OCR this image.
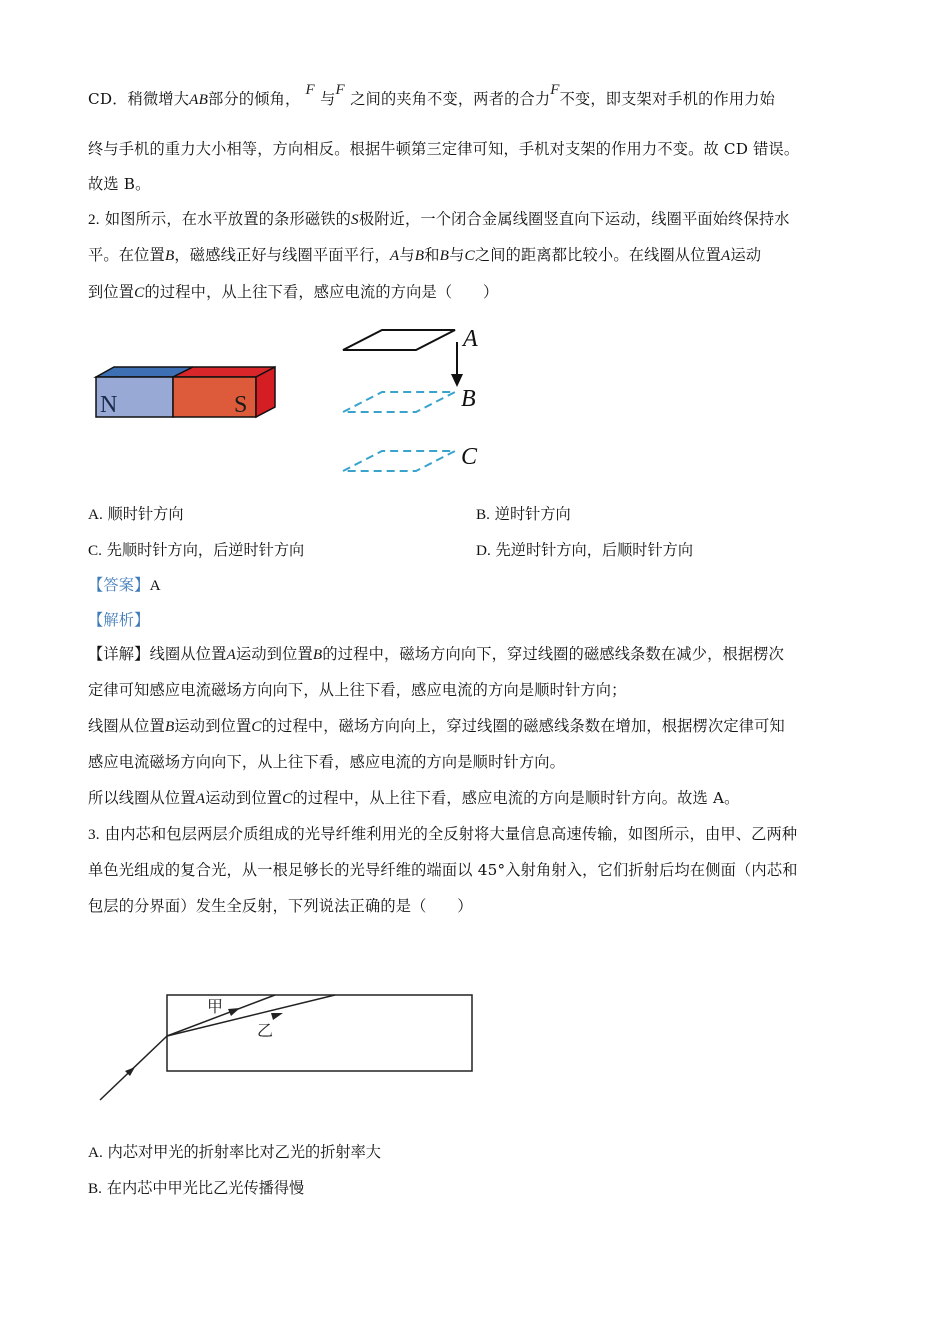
CD．稍微增大AB部分的倾角， F 与F 之间的夹角不变，两者的合力F不变，即支架对手机的作用力始
终与手机的重力大小相等，方向相反。根据牛顿第三定律可知，手机对支架的作用力不变。故 CD 错误。
故选 B。
2. 如图所示，在水平放置的条形磁铁的S极附近，一个闭合金属线圈竖直向下运动，线圈平面始终保持水
平。在位置B，磁感线正好与线圈平面平行，A与B和B与C之间的距离都比较小。在线圈从位置A运动
到位置C的过程中，从上往下看，感应电流的方向是（　　）
N	S
A
B
C
A. 顺时针方向	B. 逆时针方向
C. 先顺时针方向，后逆时针方向	D. 先逆时针方向，后顺时针方向
【答案】A
【解析】
【详解】线圈从位置A运动到位置B的过程中，磁场方向向下，穿过线圈的磁感线条数在减少，根据楞次
定律可知感应电流磁场方向向下，从上往下看，感应电流的方向是顺时针方向；
线圈从位置B运动到位置C的过程中，磁场方向向上，穿过线圈的磁感线条数在增加，根据楞次定律可知
感应电流磁场方向向下，从上往下看，感应电流的方向是顺时针方向。
所以线圈从位置A运动到位置C的过程中，从上往下看，感应电流的方向是顺时针方向。故选 A。
3. 由内芯和包层两层介质组成的光导纤维利用光的全反射将大量信息高速传输，如图所示，由甲、乙两种
单色光组成的复合光，从一根足够长的光导纤维的端面以 45°入射角射入，它们折射后均在侧面（内芯和
包层的分界面）发生全反射，下列说法正确的是（　　）
甲
乙
A. 内芯对甲光的折射率比对乙光的折射率大
B. 在内芯中甲光比乙光传播得慢
